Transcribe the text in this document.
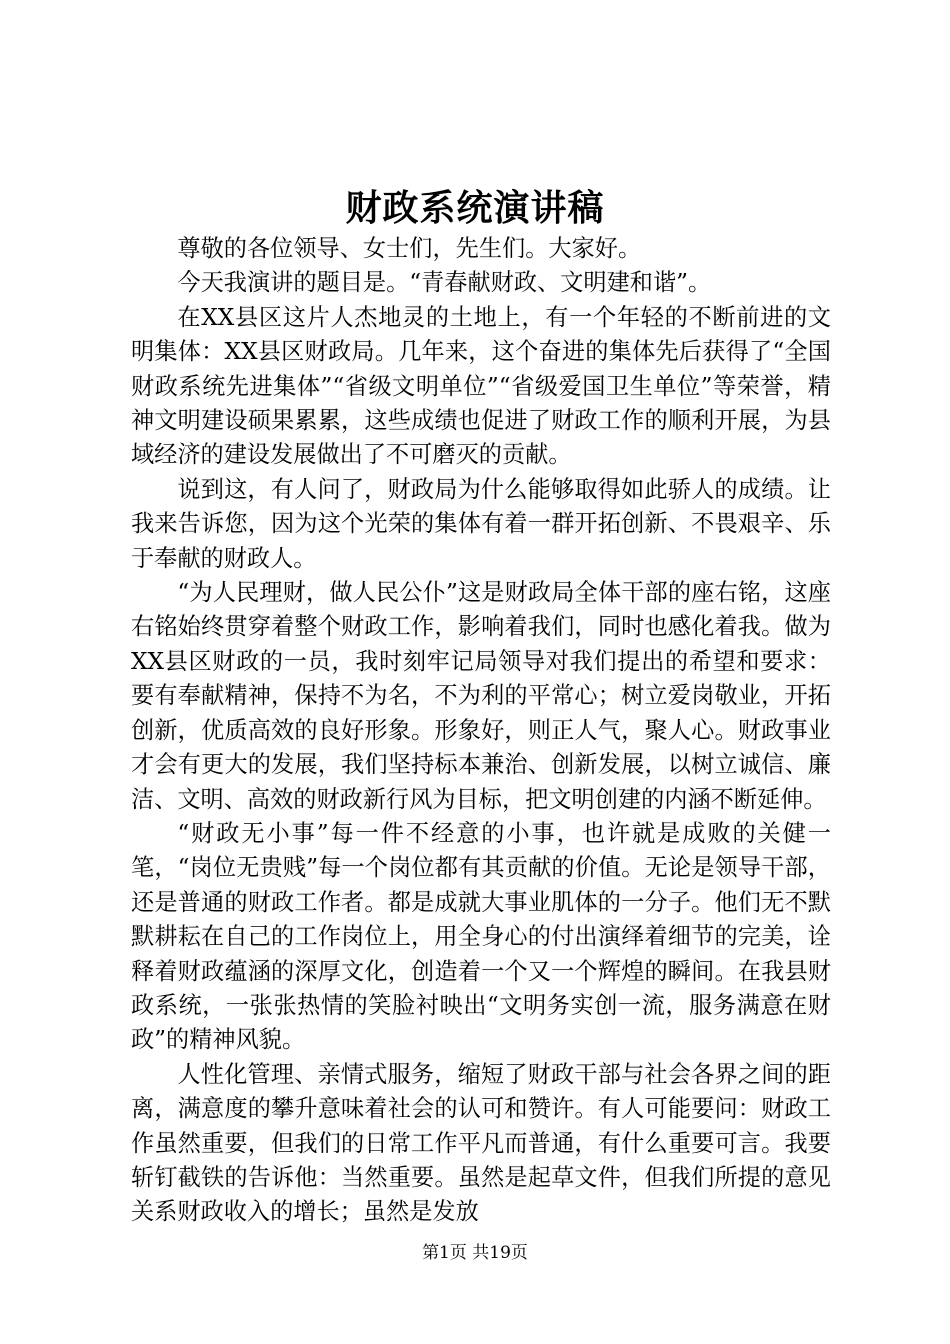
财政系统演讲稿

尊敬的各位领导、女士们，先生们。大家好。

今天我演讲的题目是。“青春献财政、文明建和谐”。

在XX县区这片人杰地灵的土地上，有一个年轻的不断前进的文明集体：XX县区财政局。几年来，这个奋进的集体先后获得了“全国财政系统先进集体”“省级文明单位”“省级爱国卫生单位”等荣誉，精神文明建设硕果累累，这些成绩也促进了财政工作的顺利开展，为县域经济的建设发展做出了不可磨灭的贡献。

说到这，有人问了，财政局为什么能够取得如此骄人的成绩。让我来告诉您，因为这个光荣的集体有着一群开拓创新、不畏艰辛、乐于奉献的财政人。

“为人民理财，做人民公仆”这是财政局全体干部的座右铭，这座右铭始终贯穿着整个财政工作，影响着我们，同时也感化着我。做为XX县区财政的一员，我时刻牢记局领导对我们提出的希望和要求：要有奉献精神，保持不为名，不为利的平常心；树立爱岗敬业，开拓创新，优质高效的良好形象。形象好，则正人气，聚人心。财政事业才会有更大的发展，我们坚持标本兼治、创新发展，以树立诚信、廉洁、文明、高效的财政新行风为目标，把文明创建的内涵不断延伸。

“财政无小事”每一件不经意的小事，也许就是成败的关健一笔，“岗位无贵贱”每一个岗位都有其贡献的价值。无论是领导干部，还是普通的财政工作者。都是成就大事业肌体的一分子。他们无不默默耕耘在自己的工作岗位上，用全身心的付出演绎着细节的完美，诠释着财政蕴涵的深厚文化，创造着一个又一个辉煌的瞬间。在我县财政系统，一张张热情的笑脸衬映出“文明务实创一流，服务满意在财政”的精神风貌。

人性化管理、亲情式服务，缩短了财政干部与社会各界之间的距离，满意度的攀升意味着社会的认可和赞许。有人可能要问：财政工作虽然重要，但我们的日常工作平凡而普通，有什么重要可言。我要斩钉截铁的告诉他：当然重要。虽然是起草文件，但我们所提的意见关系财政收入的增长；虽然是发放

第1页 共19页
